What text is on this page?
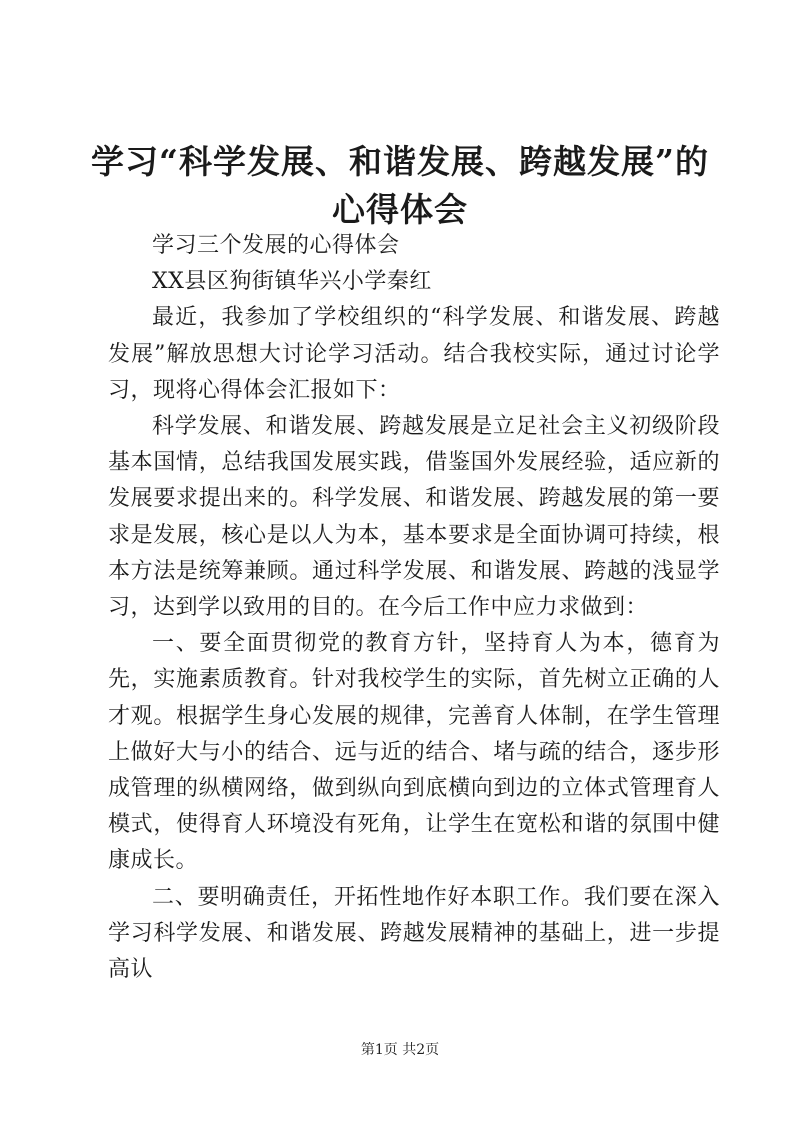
学习“科学发展、和谐发展、跨越发展”的心得体会

学习三个发展的心得体会

XX县区狗街镇华兴小学秦红

最近，我参加了学校组织的“科学发展、和谐发展、跨越发展”解放思想大讨论学习活动。结合我校实际，通过讨论学习，现将心得体会汇报如下：

科学发展、和谐发展、跨越发展是立足社会主义初级阶段基本国情，总结我国发展实践，借鉴国外发展经验，适应新的发展要求提出来的。科学发展、和谐发展、跨越发展的第一要求是发展，核心是以人为本，基本要求是全面协调可持续，根本方法是统筹兼顾。通过科学发展、和谐发展、跨越的浅显学习，达到学以致用的目的。在今后工作中应力求做到：

一、要全面贯彻党的教育方针，坚持育人为本，德育为先，实施素质教育。针对我校学生的实际，首先树立正确的人才观。根据学生身心发展的规律，完善育人体制，在学生管理上做好大与小的结合、远与近的结合、堵与疏的结合，逐步形成管理的纵横网络，做到纵向到底横向到边的立体式管理育人模式，使得育人环境没有死角，让学生在宽松和谐的氛围中健康成长。

二、要明确责任，开拓性地作好本职工作。我们要在深入学习科学发展、和谐发展、跨越发展精神的基础上，进一步提高认

第1页 共2页
